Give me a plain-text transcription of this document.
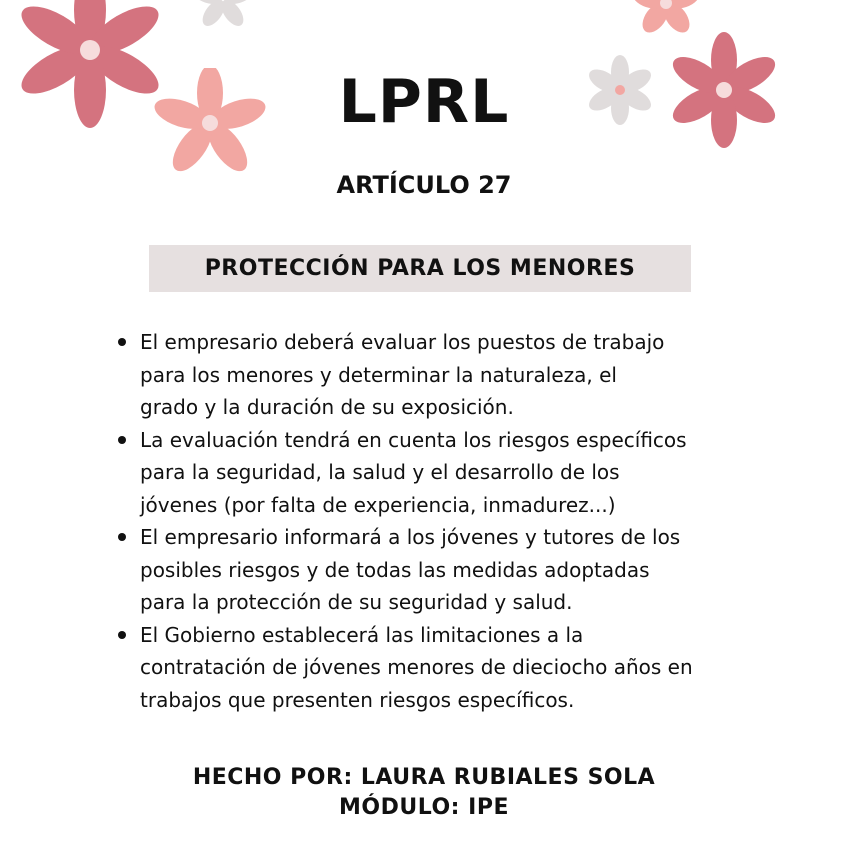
LPRL
ARTÍCULO 27
PROTECCIÓN PARA LOS MENORES
El empresario deberá evaluar los puestos de trabajo
para los menores y determinar la naturaleza, el
grado y la duración de su exposición.
La evaluación tendrá en cuenta los riesgos específicos
para la seguridad, la salud y el desarrollo de los
jóvenes (por falta de experiencia, inmadurez...)
El empresario informará a los jóvenes y tutores de los
posibles riesgos y de todas las medidas adoptadas
para la protección de su seguridad y salud.
El Gobierno establecerá las limitaciones a la
contratación de jóvenes menores de dieciocho años en
trabajos que presenten riesgos específicos.
HECHO POR: LAURA RUBIALES SOLA
MÓDULO: IPE
